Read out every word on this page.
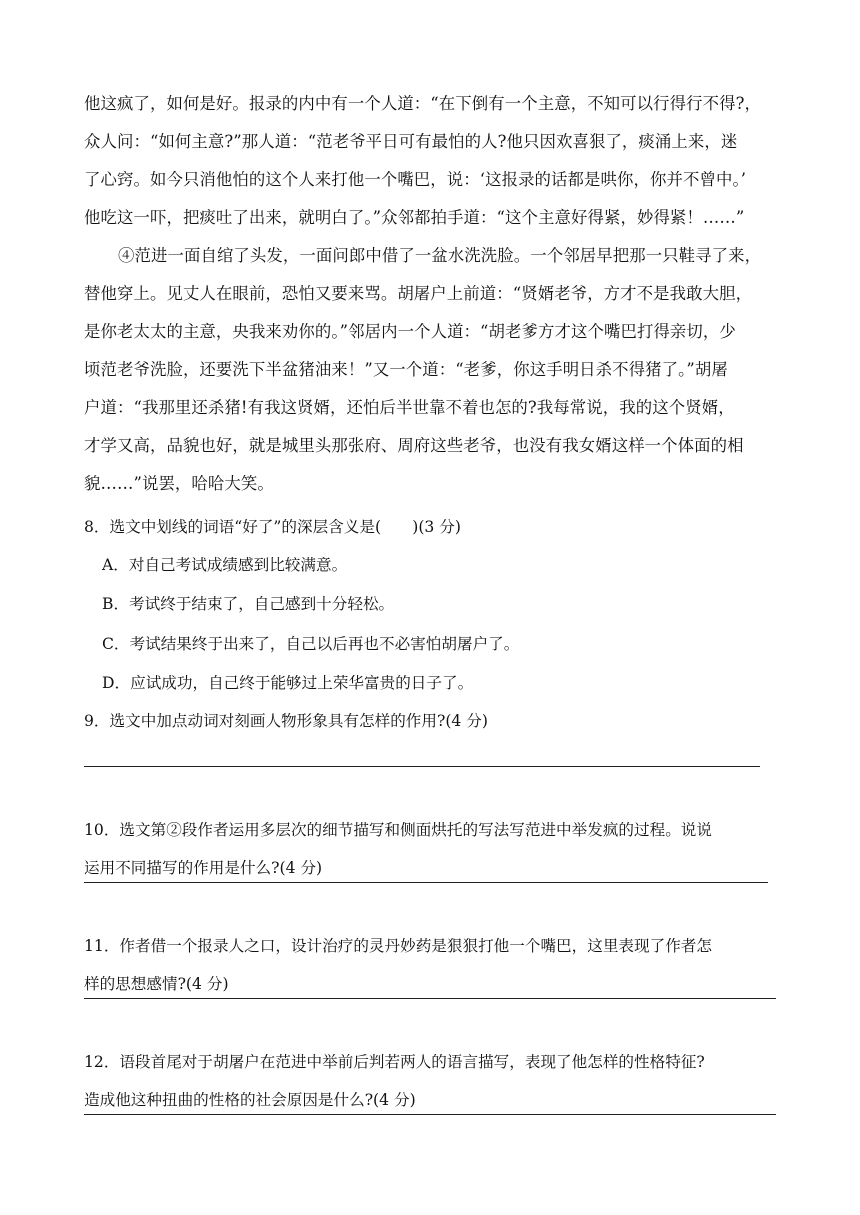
他这疯了，如何是好。报录的内中有一个人道：“在下倒有一个主意，不知可以行得行不得?，
众人问：“如何主意?”那人道：“范老爷平日可有最怕的人?他只因欢喜狠了，痰涌上来，迷
了心窍。如今只消他怕的这个人来打他一个嘴巴，说：‘这报录的话都是哄你，你并不曾中。’
他吃这一吓，把痰吐了出来，就明白了。”众邻都拍手道：“这个主意好得紧，妙得紧！……”
④范进一面自绾了头发，一面问郎中借了一盆水洗洗脸。一个邻居早把那一只鞋寻了来，
替他穿上。见丈人在眼前，恐怕又要来骂。胡屠户上前道：“贤婿老爷，方才不是我敢大胆，
是你老太太的主意，央我来劝你的。”邻居内一个人道：“胡老爹方才这个嘴巴打得亲切，少
顷范老爷洗脸，还要洗下半盆猪油来！”又一个道：“老爹，你这手明日杀不得猪了。”胡屠
户道：“我那里还杀猪!有我这贤婿，还怕后半世靠不着也怎的?我每常说，我的这个贤婿，
才学又高，品貌也好，就是城里头那张府、周府这些老爷，也没有我女婿这样一个体面的相
貌……”说罢，哈哈大笑。
8．选文中划线的词语“好了”的深层含义是(　　)(3 分)
A．对自己考试成绩感到比较满意。
B．考试终于结束了，自己感到十分轻松。
C．考试结果终于出来了，自己以后再也不必害怕胡屠户了。
D．应试成功，自己终于能够过上荣华富贵的日子了。
9．选文中加点动词对刻画人物形象具有怎样的作用?(4 分)
10．选文第②段作者运用多层次的细节描写和侧面烘托的写法写范进中举发疯的过程。说说
运用不同描写的作用是什么?(4 分)
11．作者借一个报录人之口，设计治疗的灵丹妙药是狠狠打他一个嘴巴，这里表现了作者怎
样的思想感情?(4 分)
12．语段首尾对于胡屠户在范进中举前后判若两人的语言描写，表现了他怎样的性格特征?
造成他这种扭曲的性格的社会原因是什么?(4 分)
